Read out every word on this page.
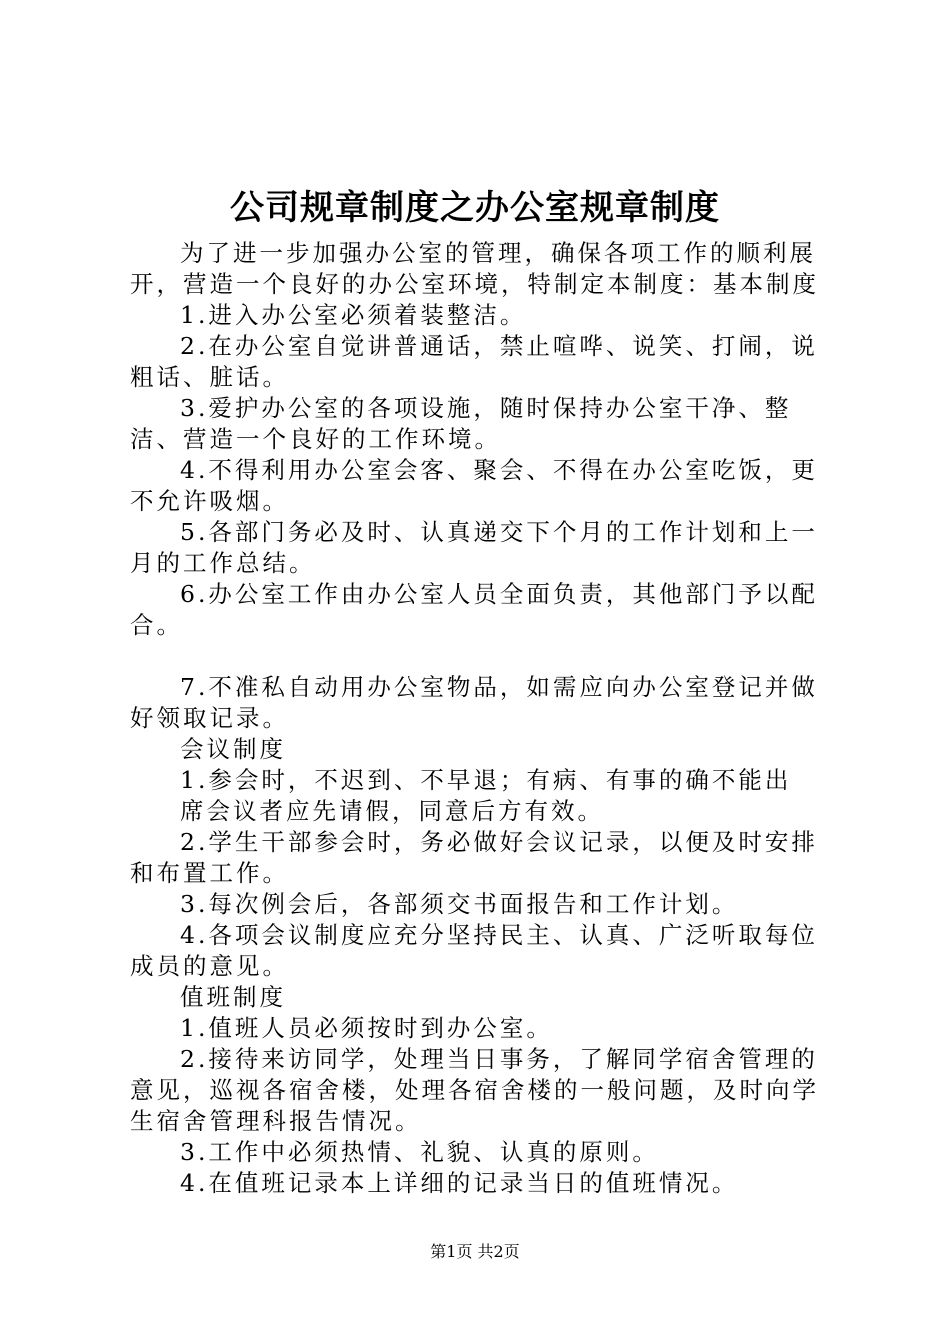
公司规章制度之办公室规章制度

为了进一步加强办公室的管理，确保各项工作的顺利展开，营造一个良好的办公室环境，特制定本制度：基本制度

1.进入办公室必须着装整洁。

2.在办公室自觉讲普通话，禁止喧哗、说笑、打闹，说粗话、脏话。

3.爱护办公室的各项设施，随时保持办公室干净、整洁、营造一个良好的工作环境。

4.不得利用办公室会客、聚会、不得在办公室吃饭，更不允许吸烟。

5.各部门务必及时、认真递交下个月的工作计划和上一月的工作总结。

6.办公室工作由办公室人员全面负责，其他部门予以配合。

7.不准私自动用办公室物品，如需应向办公室登记并做好领取记录。

会议制度

1.参会时，不迟到、不早退；有病、有事的确不能出

席会议者应先请假，同意后方有效。

2.学生干部参会时，务必做好会议记录，以便及时安排和布置工作。

3.每次例会后，各部须交书面报告和工作计划。

4.各项会议制度应充分坚持民主、认真、广泛听取每位成员的意见。

值班制度

1.值班人员必须按时到办公室。

2.接待来访同学，处理当日事务，了解同学宿舍管理的意见，巡视各宿舍楼，处理各宿舍楼的一般问题，及时向学生宿舍管理科报告情况。

3.工作中必须热情、礼貌、认真的原则。

4.在值班记录本上详细的记录当日的值班情况。

第1页 共2页
